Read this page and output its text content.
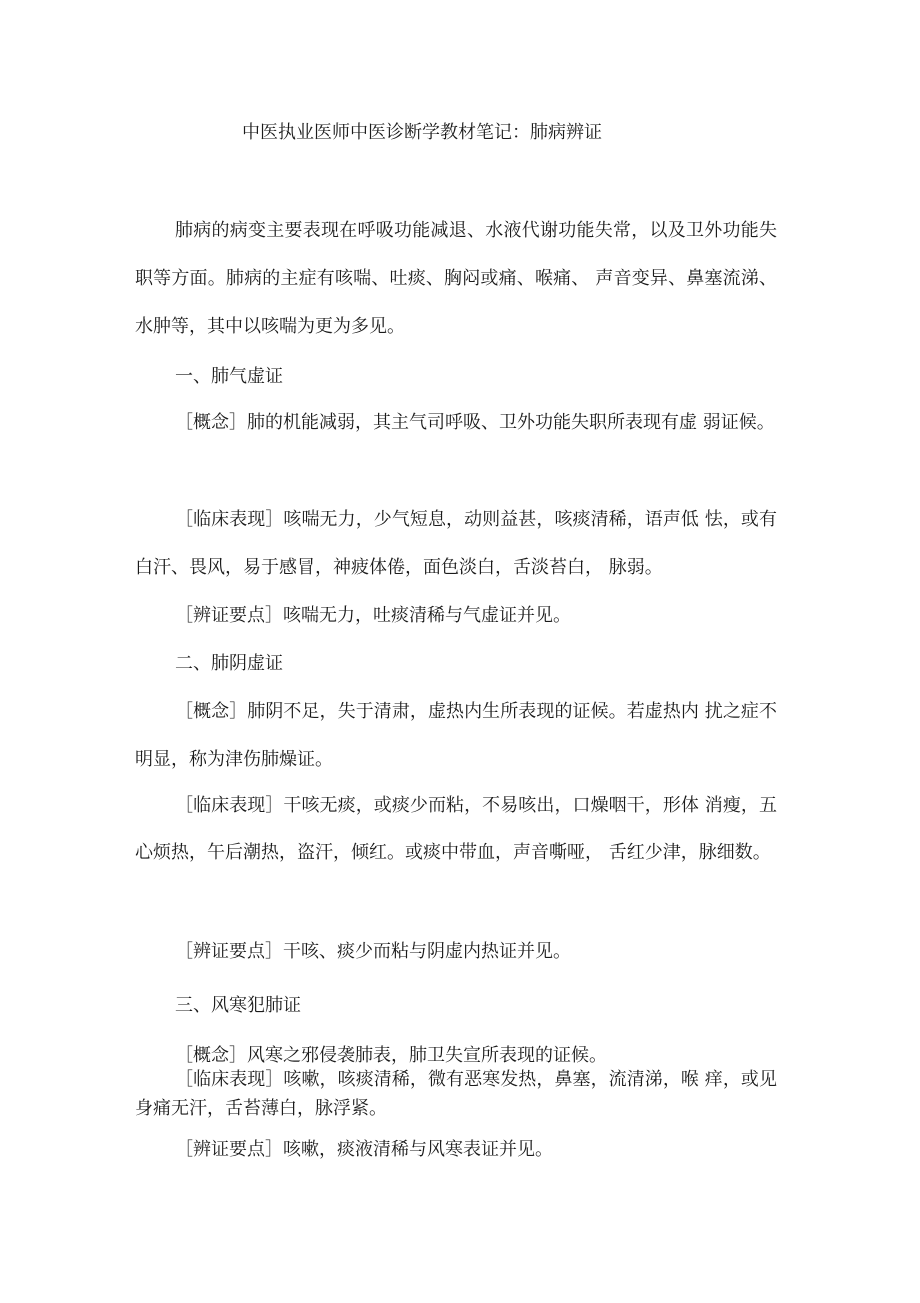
中医执业医师中医诊断学教材笔记：肺病辨证

肺病的病变主要表现在呼吸功能减退、水液代谢功能失常，以及卫外功能失职等方面。肺病的主症有咳喘、吐痰、胸闷或痛、喉痛、 声音变异、鼻塞流涕、水肿等，其中以咳喘为更为多见。

一、肺气虚证

［概念］肺的机能减弱，其主气司呼吸、卫外功能失职所表现有虚 弱证候。

［临床表现］咳喘无力，少气短息，动则益甚，咳痰清稀，语声低 怯，或有白汗、畏风，易于感冒，神疲体倦，面色淡白，舌淡苔白， 脉弱。

［辨证要点］咳喘无力，吐痰清稀与气虚证并见。

二、肺阴虚证

［概念］肺阴不足，失于清肃，虚热内生所表现的证候。若虚热内 扰之症不明显，称为津伤肺燥证。

［临床表现］干咳无痰，或痰少而粘，不易咳出，口燥咽干，形体 消瘦，五心烦热，午后潮热，盗汗，倾红。或痰中带血，声音嘶哑， 舌红少津，脉细数。

［辨证要点］干咳、痰少而粘与阴虚内热证并见。

三、风寒犯肺证

［概念］风寒之邪侵袭肺表，肺卫失宣所表现的证候。

［临床表现］咳嗽，咳痰清稀，微有恶寒发热，鼻塞，流清涕，喉 痒，或见身痛无汗，舌苔薄白，脉浮紧。

［辨证要点］咳嗽，痰液清稀与风寒表证并见。
